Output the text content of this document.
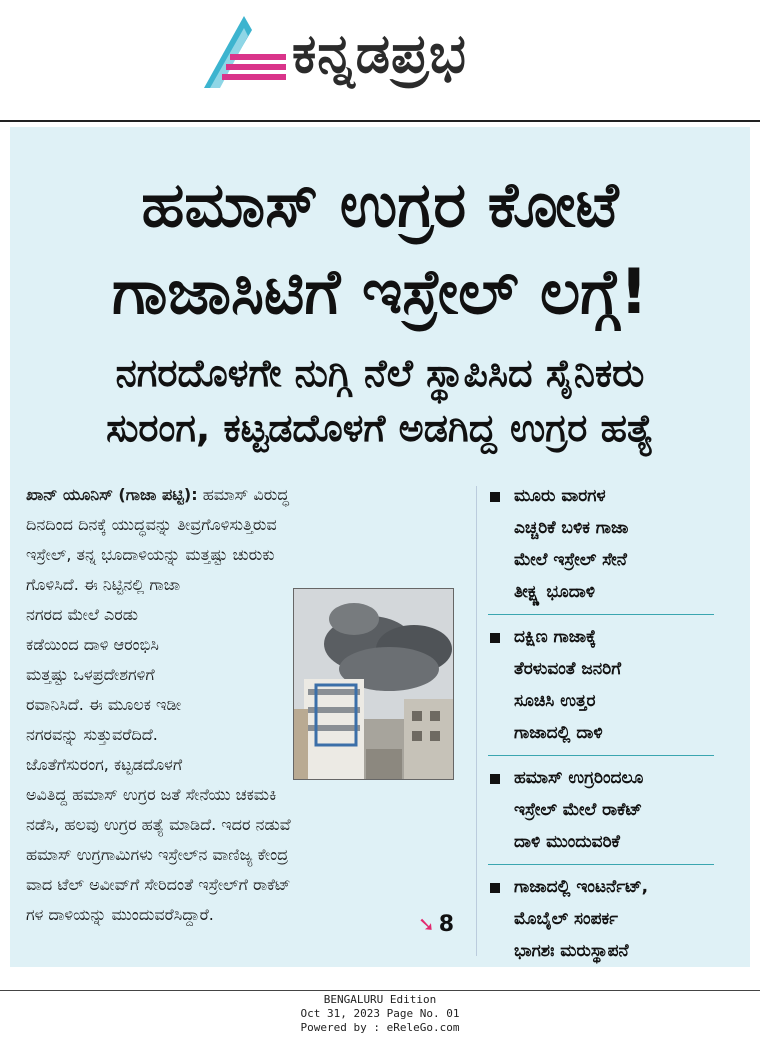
ಕನ್ನಡಪ್ರಭ
ಹಮಾಸ್ ಉಗ್ರರ ಕೋಟೆ
ಗಾಜಾಸಿಟಿಗೆ ಇಸ್ರೇಲ್ ಲಗ್ಗೆ!
ನಗರದೊಳಗೇ ನುಗ್ಗಿ ನೆಲೆ ಸ್ಥಾಪಿಸಿದ ಸೈನಿಕರು
ಸುರಂಗ, ಕಟ್ಟಡದೊಳಗೆ ಅಡಗಿದ್ದ ಉಗ್ರರ ಹತ್ಯೆ

ಖಾನ್ ಯೂನಿಸ್ (ಗಾಜಾ ಪಟ್ಟಿ): ಹಮಾಸ್ ವಿರುದ್ಧ

ದಿನದಿಂದ ದಿನಕ್ಕೆ ಯುದ್ಧವನ್ನು ತೀವ್ರಗೊಳಿಸುತ್ತಿರುವ

ಇಸ್ರೇಲ್, ತನ್ನ ಭೂದಾಳಿಯನ್ನು ಮತ್ತಷ್ಟು ಚುರುಕು

ಗೊಳಿಸಿದೆ. ಈ ನಿಟ್ಟಿನಲ್ಲಿ ಗಾಜಾ

ನಗರದ ಮೇಲೆ ಎರಡು

ಕಡೆಯಿಂದ ದಾಳಿ ಆರಂಭಿಸಿ

ಮತ್ತಷ್ಟು ಒಳಪ್ರದೇಶಗಳಿಗೆ

ರವಾನಿಸಿದೆ. ಈ ಮೂಲಕ ಇಡೀ

ನಗರವನ್ನು ಸುತ್ತುವರೆದಿದೆ.

ಜೊತೆಗೆಸುರಂಗ, ಕಟ್ಟಡದೊಳಗೆ

ಅವಿತಿದ್ದ ಹಮಾಸ್ ಉಗ್ರರ ಜತೆ ಸೇನೆಯು ಚಕಮಕಿ

ನಡೆಸಿ, ಹಲವು ಉಗ್ರರ ಹತ್ಯೆ ಮಾಡಿದೆ. ಇದರ ನಡುವೆ

ಹಮಾಸ್ ಉಗ್ರಗಾಮಿಗಳು ಇಸ್ರೇಲ್‌ನ ವಾಣಿಜ್ಯ ಕೇಂದ್ರ

ವಾದ ಟೆಲ್ ಅವೀವ್‌ಗೆ ಸೇರಿದಂತೆ ಇಸ್ರೇಲ್‌ಗೆ ರಾಕೆಟ್

ಗಳ ದಾಳಿಯನ್ನು ಮುಂದುವರೆಸಿದ್ದಾರೆ.	➘ 8
ಮೂರು ವಾರಗಳ
ಎಚ್ಚರಿಕೆ ಬಳಿಕ ಗಾಜಾ
ಮೇಲೆ ಇಸ್ರೇಲ್ ಸೇನೆ
ತೀಕ್ಷ್ಣ ಭೂದಾಳಿ
ದಕ್ಷಿಣ ಗಾಜಾಕ್ಕೆ
ತೆರಳುವಂತೆ ಜನರಿಗೆ
ಸೂಚಿಸಿ ಉತ್ತರ
ಗಾಜಾದಲ್ಲಿ ದಾಳಿ
ಹಮಾಸ್ ಉಗ್ರರಿಂದಲೂ
ಇಸ್ರೇಲ್ ಮೇಲೆ ರಾಕೆಟ್
ದಾಳಿ ಮುಂದುವರಿಕೆ
ಗಾಜಾದಲ್ಲಿ ಇಂಟರ್ನೆಟ್,
ಮೊಬೈಲ್ ಸಂಪರ್ಕ
ಭಾಗಶಃ ಮರುಸ್ಥಾಪನೆ
BENGALURU Edition
Oct 31, 2023 Page No. 01
Powered by : eReleGo.com
